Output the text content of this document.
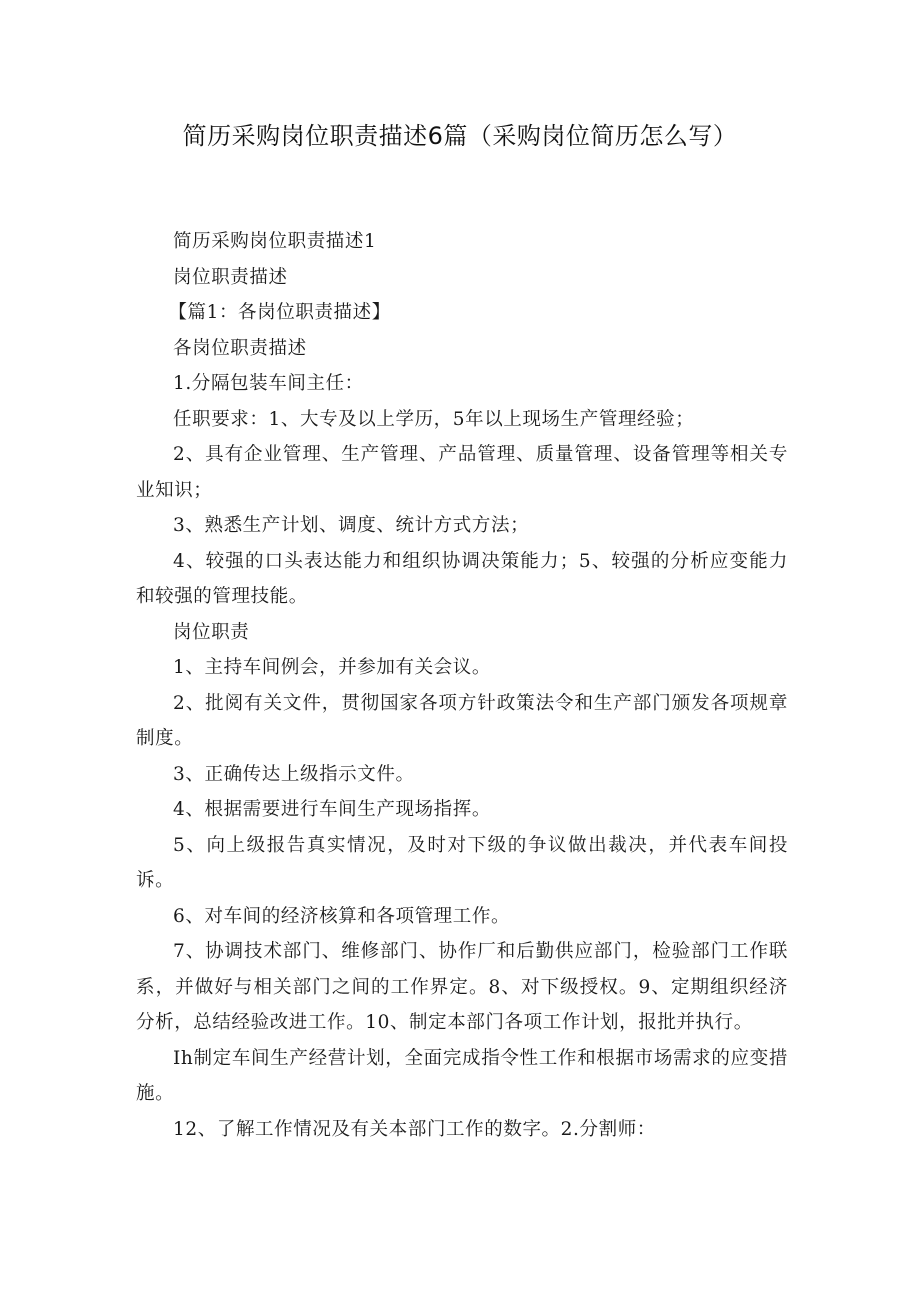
简历采购岗位职责描述6篇（采购岗位简历怎么写）

简历采购岗位职责描述1

岗位职责描述

【篇1：各岗位职责描述】

各岗位职责描述

1.分隔包装车间主任：

任职要求：1、大专及以上学历，5年以上现场生产管理经验；

2、具有企业管理、生产管理、产品管理、质量管理、设备管理等相关专业知识；

3、熟悉生产计划、调度、统计方式方法；

4、较强的口头表达能力和组织协调决策能力；5、较强的分析应变能力和较强的管理技能。

岗位职责

1、主持车间例会，并参加有关会议。

2、批阅有关文件，贯彻国家各项方针政策法令和生产部门颁发各项规章制度。

3、正确传达上级指示文件。

4、根据需要进行车间生产现场指挥。

5、向上级报告真实情况，及时对下级的争议做出裁决，并代表车间投诉。

6、对车间的经济核算和各项管理工作。

7、协调技术部门、维修部门、协作厂和后勤供应部门，检验部门工作联系，并做好与相关部门之间的工作界定。8、对下级授权。9、定期组织经济分析，总结经验改进工作。10、制定本部门各项工作计划，报批并执行。

Ih制定车间生产经营计划，全面完成指令性工作和根据市场需求的应变措施。

12、了解工作情况及有关本部门工作的数字。2.分割师：
